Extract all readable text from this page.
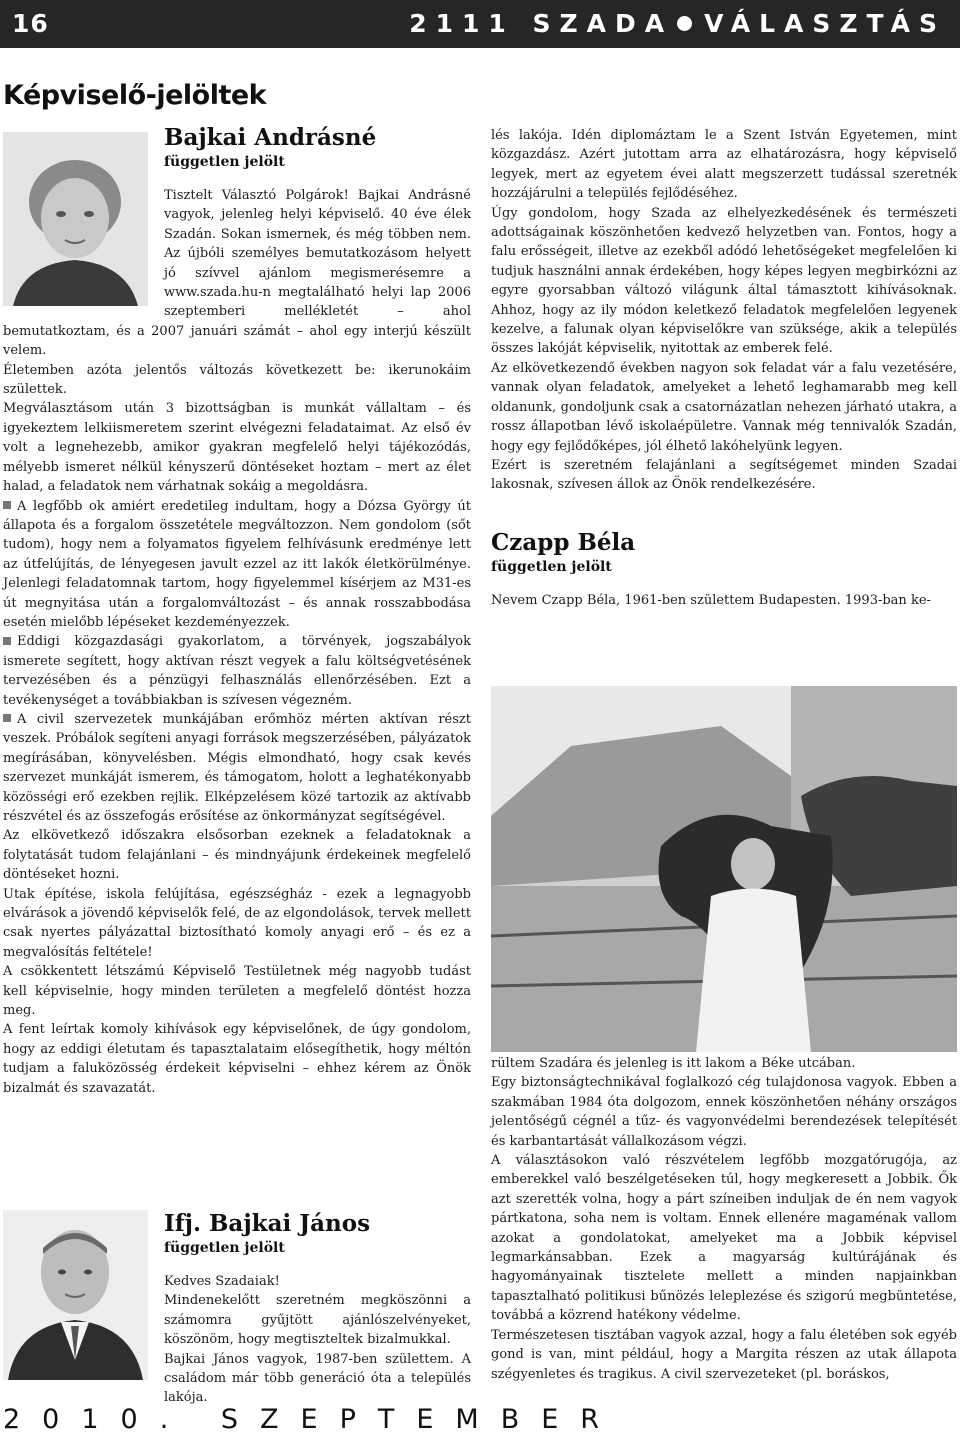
16	2111 SZADA VÁLASZTÁS
Képviselő-jelöltek
Bajkai Andrásné
független jelölt

Tisztelt Választó Polgárok! Bajkai Andrásné vagyok, jelenleg helyi képviselő. 40 éve élek Szadán. Sokan ismernek, és még többen nem. Az újbóli személyes bemutatkozásom helyett jó szívvel ajánlom megismerésemre a www.szada.hu-n megtalálható helyi lap 2006 szeptemberi mellékletét – ahol bemutatkoztam, és a 2007 januári számát – ahol egy interjú készült velem.

Életemben azóta jelentős változás következett be: ikerunokáim születtek.

Megválasztásom után 3 bizottságban is munkát vállaltam – és igyekeztem lelkiismeretem szerint elvégezni feladataimat. Az első év volt a legnehezebb, amikor gyakran megfelelő helyi tájékozódás, mélyebb ismeret nélkül kényszerű döntéseket hoztam – mert az élet halad, a feladatok nem várhatnak sokáig a megoldásra.

A legfőbb ok amiért eredetileg indultam, hogy a Dózsa György út állapota és a forgalom összetétele megváltozzon. Nem gondolom (sőt tudom), hogy nem a folyamatos figyelem felhívásunk eredménye lett az útfelújítás, de lényegesen javult ezzel az itt lakók életkörülménye. Jelenlegi feladatomnak tartom, hogy figyelemmel kísérjem az M31-es út megnyitása után a forgalomváltozást – és annak rosszabbodása esetén mielőbb lépéseket kezdeményezzek.

Eddigi közgazdasági gyakorlatom, a törvények, jogszabályok ismerete segített, hogy aktívan részt vegyek a falu költségvetésének tervezésében és a pénzügyi felhasználás ellenőrzésében. Ezt a tevékenységet a továbbiakban is szívesen végezném.

A civil szervezetek munkájában erőmhöz mérten aktívan részt veszek. Próbálok segíteni anyagi források megszerzésében, pályázatok megírásában, könyvelésben. Mégis elmondható, hogy csak kevés szervezet munkáját ismerem, és támogatom, holott a leghatékonyabb közösségi erő ezekben rejlik. Elképzelésem közé tartozik az aktívabb részvétel és az összefogás erősítése az önkormányzat segítségével.

Az elkövetkező időszakra elsősorban ezeknek a feladatoknak a folytatását tudom felajánlani – és mindnyájunk érdekeinek megfelelő döntéseket hozni.

Utak építése, iskola felújítása, egészségház - ezek a legnagyobb elvárások a jövendő képviselők felé, de az elgondolások, tervek mellett csak nyertes pályázattal biztosítható komoly anyagi erő – és ez a megvalósítás feltétele!

A csökkentett létszámú Képviselő Testületnek még nagyobb tudást kell képviselnie, hogy minden területen a megfelelő döntést hozza meg.

A fent leírtak komoly kihívások egy képviselőnek, de úgy gondolom, hogy az eddigi életutam és tapasztalataim elősegíthetik, hogy méltón tudjam a faluközösség érdekeit képviselni – ehhez kérem az Önök bizalmát és szavazatát.

Ifj. Bajkai János
független jelölt

Kedves Szadaiak!

Mindenekelőtt szeretném megköszönni a számomra gyűjtött ajánlószelvényeket, köszönöm, hogy megtiszteltek bizalmukkal.

Bajkai János vagyok, 1987-ben születtem. A családom már több generáció óta a település lakója.

lés lakója. Idén diplomáztam le a Szent István Egyetemen, mint közgazdász. Azért jutottam arra az elhatározásra, hogy képviselő legyek, mert az egyetem évei alatt megszerzett tudással szeretnék hozzájárulni a település fejlődéséhez.

Úgy gondolom, hogy Szada az elhelyezkedésének és természeti adottságainak köszönhetően kedvező helyzetben van. Fontos, hogy a falu erősségeit, illetve az ezekből adódó lehetőségeket megfelelően ki tudjuk használni annak érdekében, hogy képes legyen megbirkózni az egyre gyorsabban változó világunk által támasztott kihívásoknak. Ahhoz, hogy az ily módon keletkező feladatok megfelelően legyenek kezelve, a falunak olyan képviselőkre van szüksége, akik a település összes lakóját képviselik, nyitottak az emberek felé.

Az elkövetkezendő években nagyon sok feladat vár a falu vezetésére, vannak olyan feladatok, amelyeket a lehető leghamarabb meg kell oldanunk, gondoljunk csak a csatornázatlan nehezen járható utakra, a rossz állapotban lévő iskolaépületre. Vannak még tennivalók Szadán, hogy egy fejlődőképes, jól élhető lakóhelyünk legyen.

Ezért is szeretném felajánlani a segítségemet minden Szadai lakosnak, szívesen állok az Önök rendelkezésére.

Czapp Béla
független jelölt

Nevem Czapp Béla, 1961-ben születtem Budapesten. 1993-ban ke-

rültem Szadára és jelenleg is itt lakom a Béke utcában.

Egy biztonságtechnikával foglalkozó cég tulajdonosa vagyok. Ebben a szakmában 1984 óta dolgozom, ennek köszönhetően néhány országos jelentőségű cégnél a tűz- és vagyonvédelmi berendezések telepítését és karbantartását vállalkozásom végzi.

A választásokon való részvételem legfőbb mozgatórugója, az emberekkel való beszélgetéseken túl, hogy megkeresett a Jobbik. Ők azt szerették volna, hogy a párt színeiben induljak de én nem vagyok pártkatona, soha nem is voltam. Ennek ellenére magaménak vallom azokat a gondolatokat, amelyeket ma a Jobbik képvisel legmarkánsabban. Ezek a magyarság kultúrájának és hagyományainak tisztelete mellett a minden napjainkban tapasztalható politikusi bűnözés leleplezése és szigorú megbüntetése, továbbá a közrend hatékony védelme.

Természetesen tisztában vagyok azzal, hogy a falu életében sok egyéb gond is van, mint például, hogy a Margita részen az utak állapota szégyenletes és tragikus. A civil szervezeteket (pl. boráskos,

2010. SZEPTEMBER
